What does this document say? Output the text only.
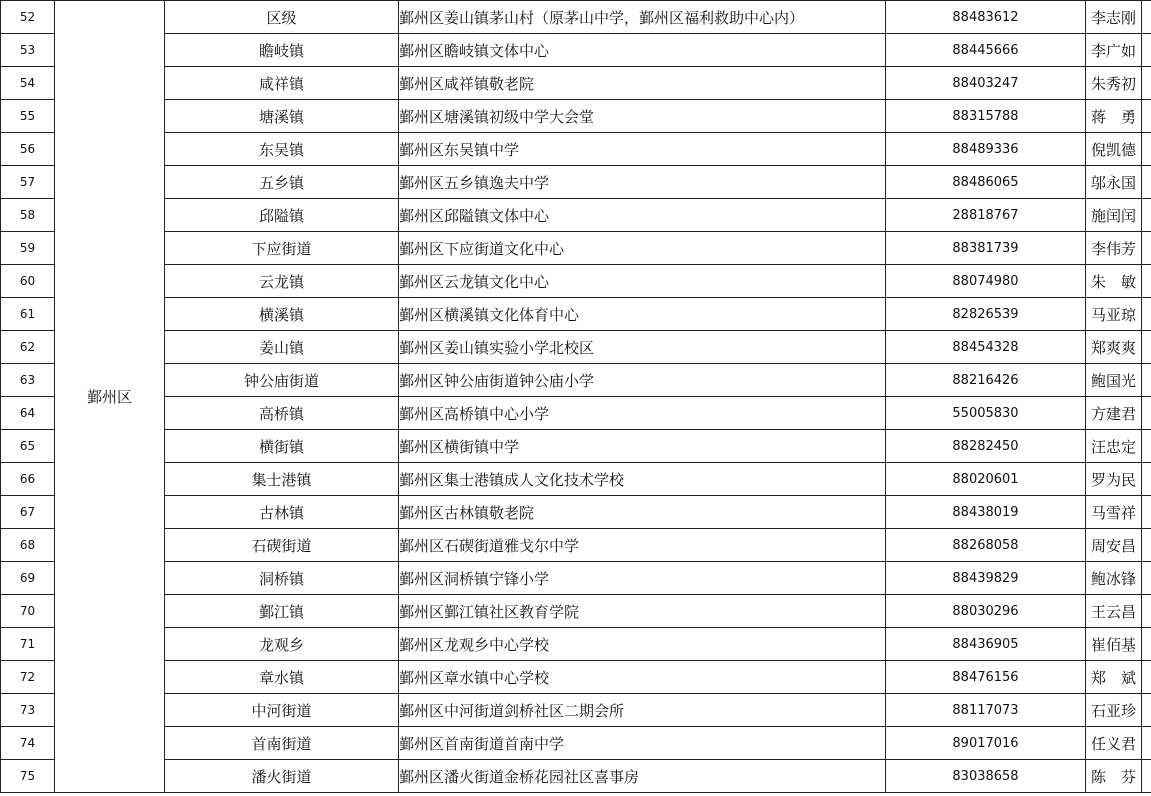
52	鄞州区	区级	鄞州区姜山镇茅山村（原茅山中学，鄞州区福利救助中心内）	88483612	李志刚	
53		瞻岐镇	鄞州区瞻岐镇文体中心	88445666	李广如	
54		咸祥镇	鄞州区咸祥镇敬老院	88403247	朱秀初	
55		塘溪镇	鄞州区塘溪镇初级中学大会堂	88315788	蒋　勇	
56		东吴镇	鄞州区东吴镇中学	88489336	倪凯德	
57		五乡镇	鄞州区五乡镇逸夫中学	88486065	邬永国	
58		邱隘镇	鄞州区邱隘镇文体中心	28818767	施闰闰	
59		下应街道	鄞州区下应街道文化中心	88381739	李伟芳	
60		云龙镇	鄞州区云龙镇文化中心	88074980	朱　敏	
61		横溪镇	鄞州区横溪镇文化体育中心	82826539	马亚琼	
62		姜山镇	鄞州区姜山镇实验小学北校区	88454328	郑爽爽	
63		钟公庙街道	鄞州区钟公庙街道钟公庙小学	88216426	鲍国光	
64		高桥镇	鄞州区高桥镇中心小学	55005830	方建君	
65		横街镇	鄞州区横街镇中学	88282450	汪忠定	
66		集士港镇	鄞州区集士港镇成人文化技术学校	88020601	罗为民	
67		古林镇	鄞州区古林镇敬老院	88438019	马雪祥	
68		石碶街道	鄞州区石碶街道雅戈尔中学	88268058	周安昌	
69		洞桥镇	鄞州区洞桥镇宁锋小学	88439829	鲍冰锋	
70		鄞江镇	鄞州区鄞江镇社区教育学院	88030296	王云昌	
71		龙观乡	鄞州区龙观乡中心学校	88436905	崔佰基	
72		章水镇	鄞州区章水镇中心学校	88476156	郑　斌	
73		中河街道	鄞州区中河街道剑桥社区二期会所	88117073	石亚珍	
74		首南街道	鄞州区首南街道首南中学	89017016	任义君	
75		潘火街道	鄞州区潘火街道金桥花园社区喜事房	83038658	陈　芬	
